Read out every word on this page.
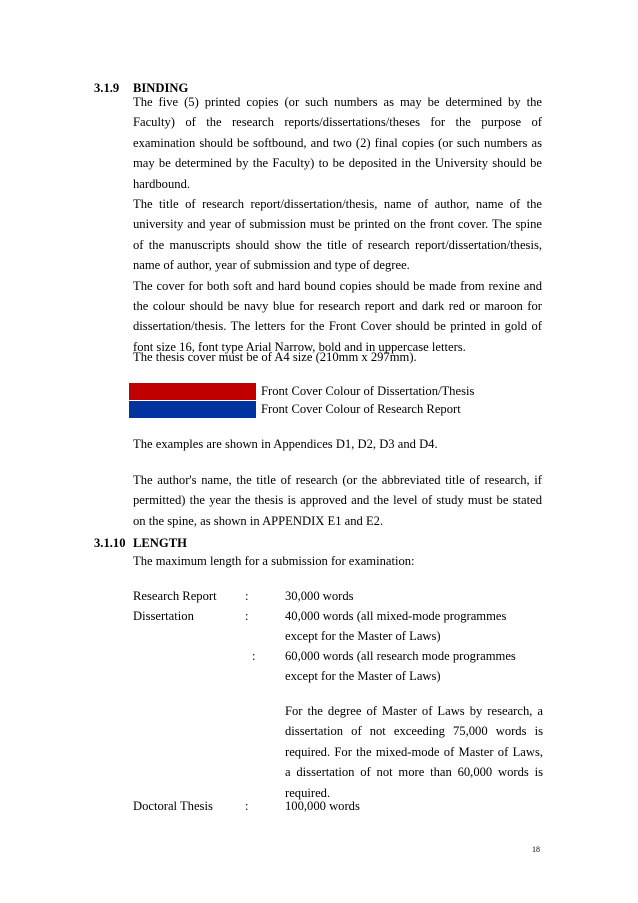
3.1.9 BINDING

The five (5) printed copies (or such numbers as may be determined by the Faculty) of the research reports/dissertations/theses for the purpose of examination should be softbound, and two (2) final copies (or such numbers as may be determined by the Faculty) to be deposited in the University should be hardbound.

The title of research report/dissertation/thesis, name of author, name of the university and year of submission must be printed on the front cover. The spine of the manuscripts should show the title of research report/dissertation/thesis, name of author, year of submission and type of degree.

The cover for both soft and hard bound copies should be made from rexine and the colour should be navy blue for research report and dark red or maroon for dissertation/thesis. The letters for the Front Cover should be printed in gold of font size 16, font type Arial Narrow, bold and in uppercase letters.

The thesis cover must be of A4 size (210mm x 297mm).

Front Cover Colour of Dissertation/Thesis
Front Cover Colour of Research Report

The examples are shown in Appendices D1, D2, D3 and D4.

The author's name, the title of research (or the abbreviated title of research, if permitted) the year the thesis is approved and the level of study must be stated on the spine, as shown in APPENDIX E1 and E2.

3.1.10 LENGTH

The maximum length for a submission for examination:

Research Report :	30,000 words
Dissertation	:	40,000 words (all mixed-mode programmes
except for the Master of Laws)
: 60,000 words (all research mode programmes
except for the Master of Laws)
For the degree of Master of Laws by research, a dissertation of not exceeding 75,000 words is required. For the mixed-mode of Master of Laws, a dissertation of not more than 60,000 words is required.
Doctoral Thesis	:	100,000 words
18
